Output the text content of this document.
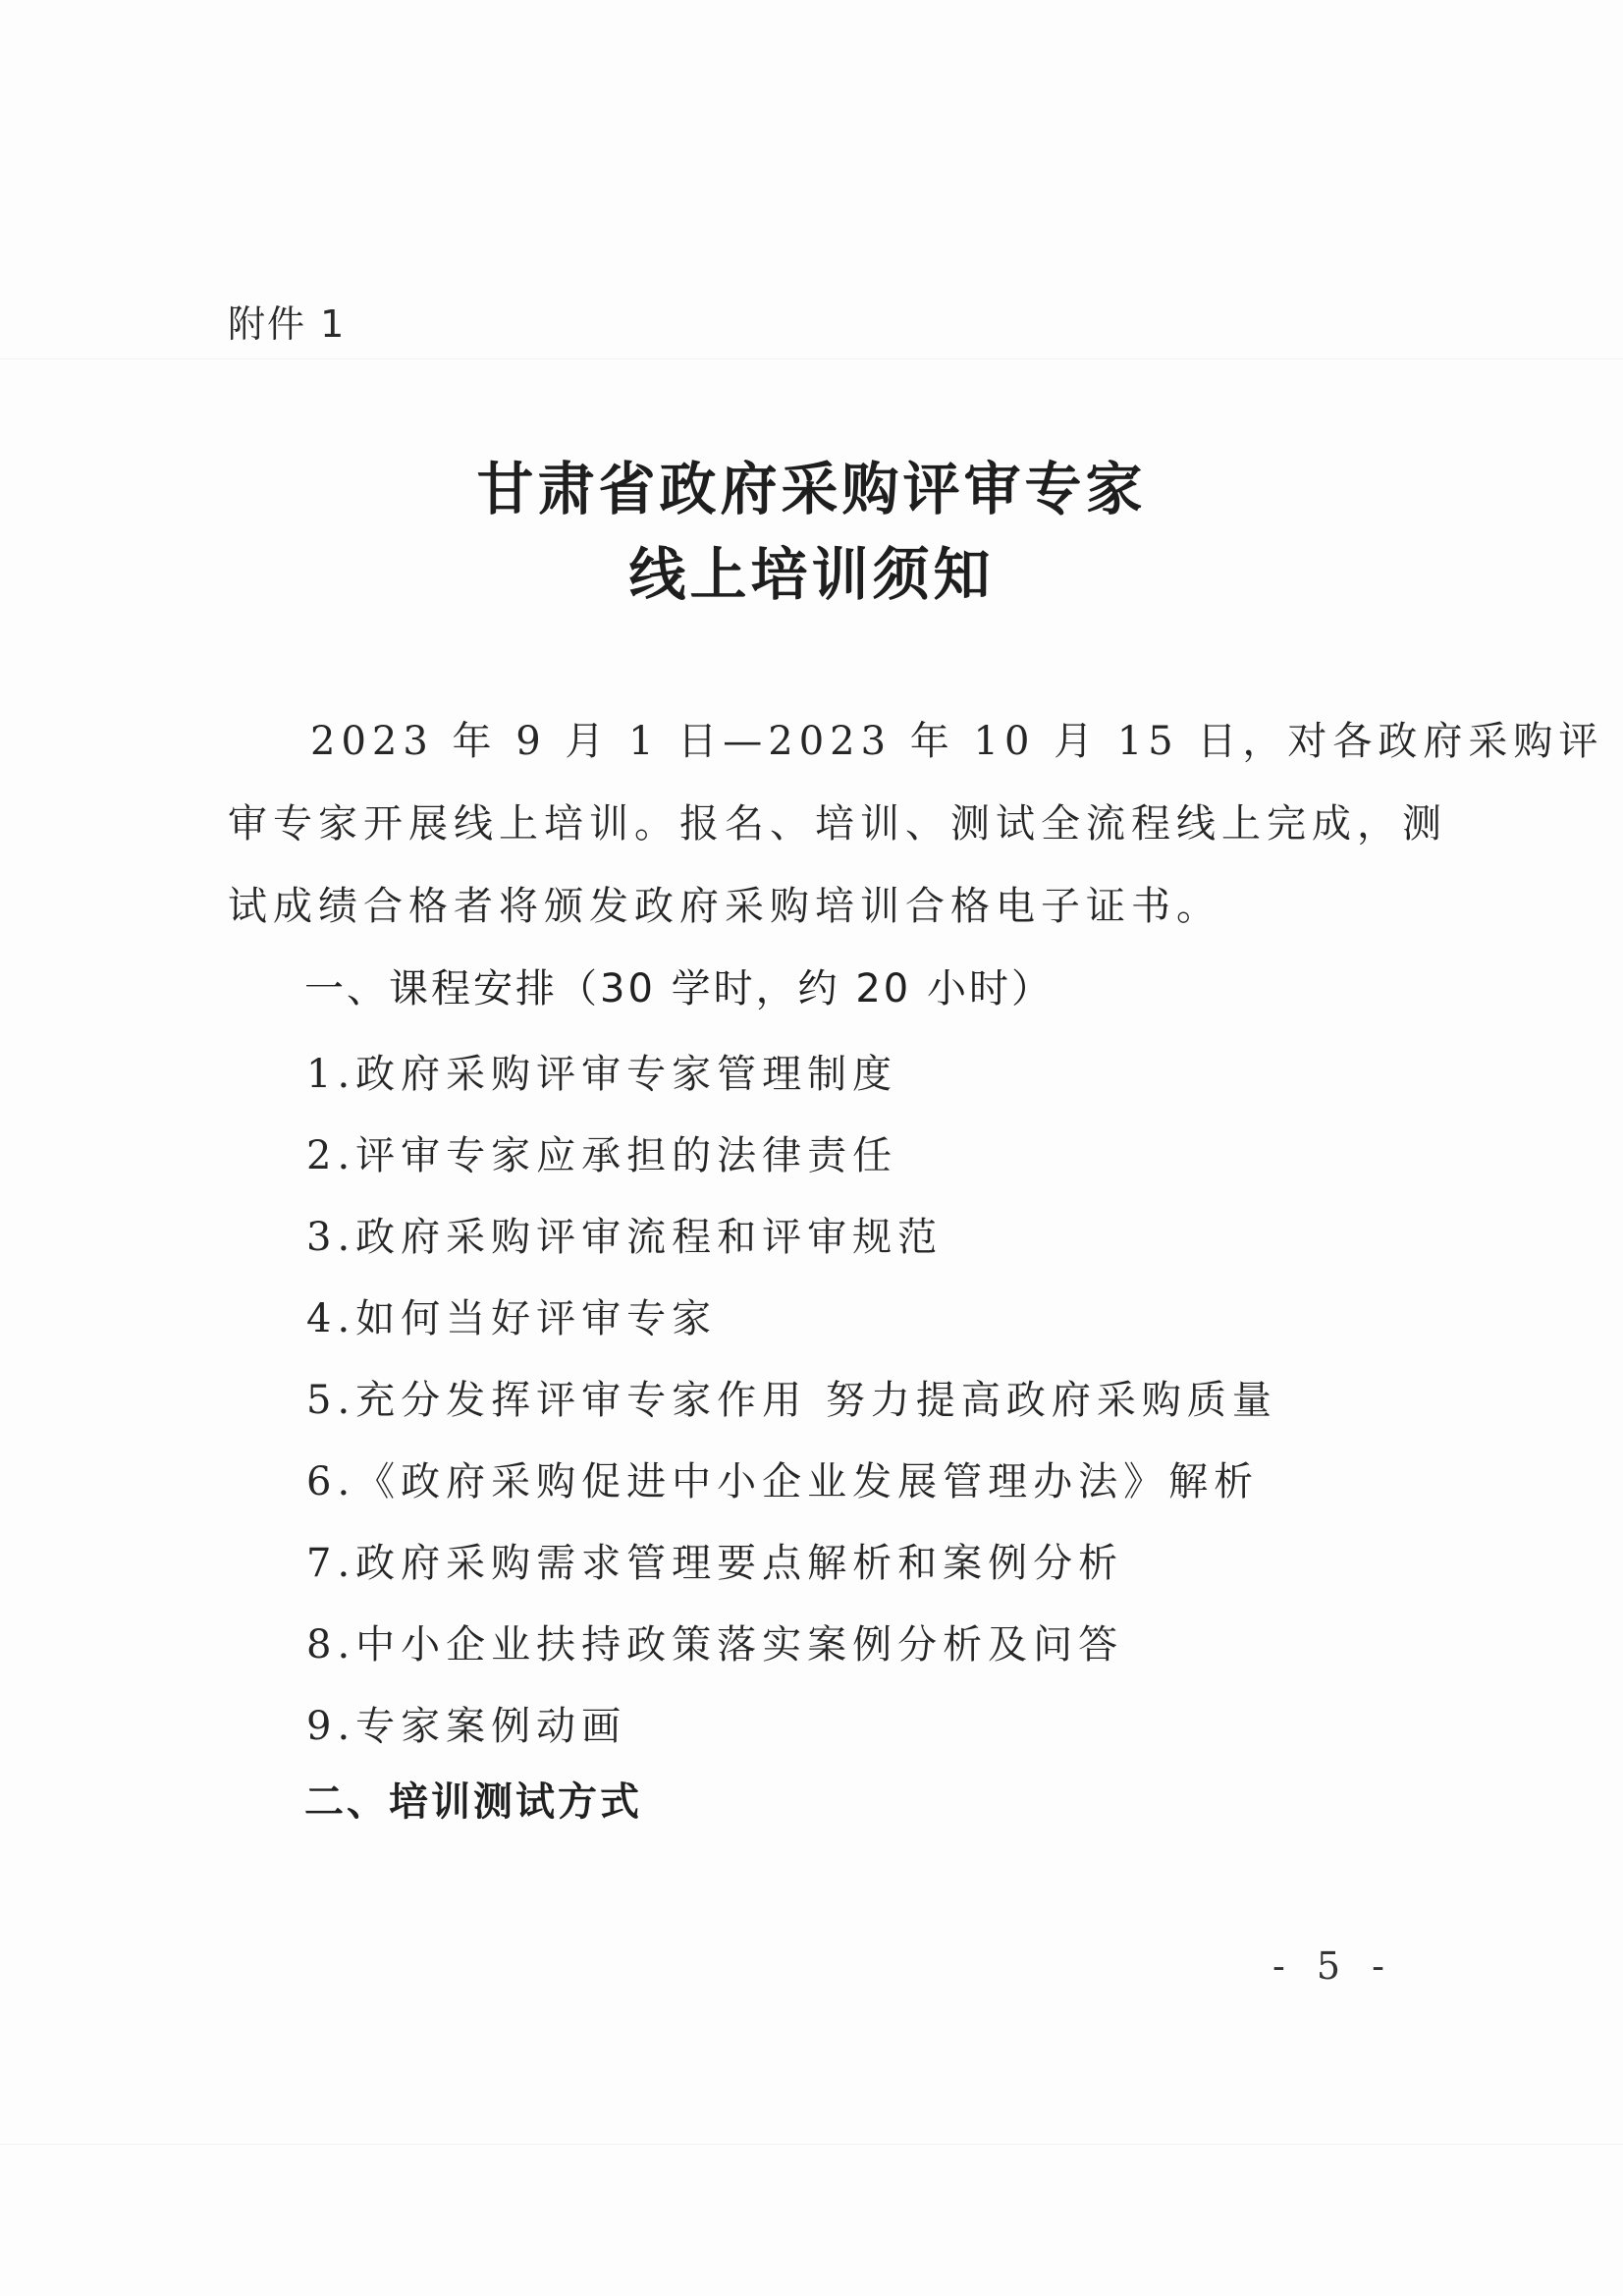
附件 1
甘肃省政府采购评审专家
线上培训须知
2023 年 9 月 1 日—2023 年 10 月 15 日，对各政府采购评
审专家开展线上培训。报名、培训、测试全流程线上完成，测
试成绩合格者将颁发政府采购培训合格电子证书。
一、课程安排（30 学时，约 20 小时）
1.政府采购评审专家管理制度
2.评审专家应承担的法律责任
3.政府采购评审流程和评审规范
4.如何当好评审专家
5.充分发挥评审专家作用 努力提高政府采购质量
6.《政府采购促进中小企业发展管理办法》解析
7.政府采购需求管理要点解析和案例分析
8.中小企业扶持政策落实案例分析及问答
9.专家案例动画
二、培训测试方式
- 5 -
